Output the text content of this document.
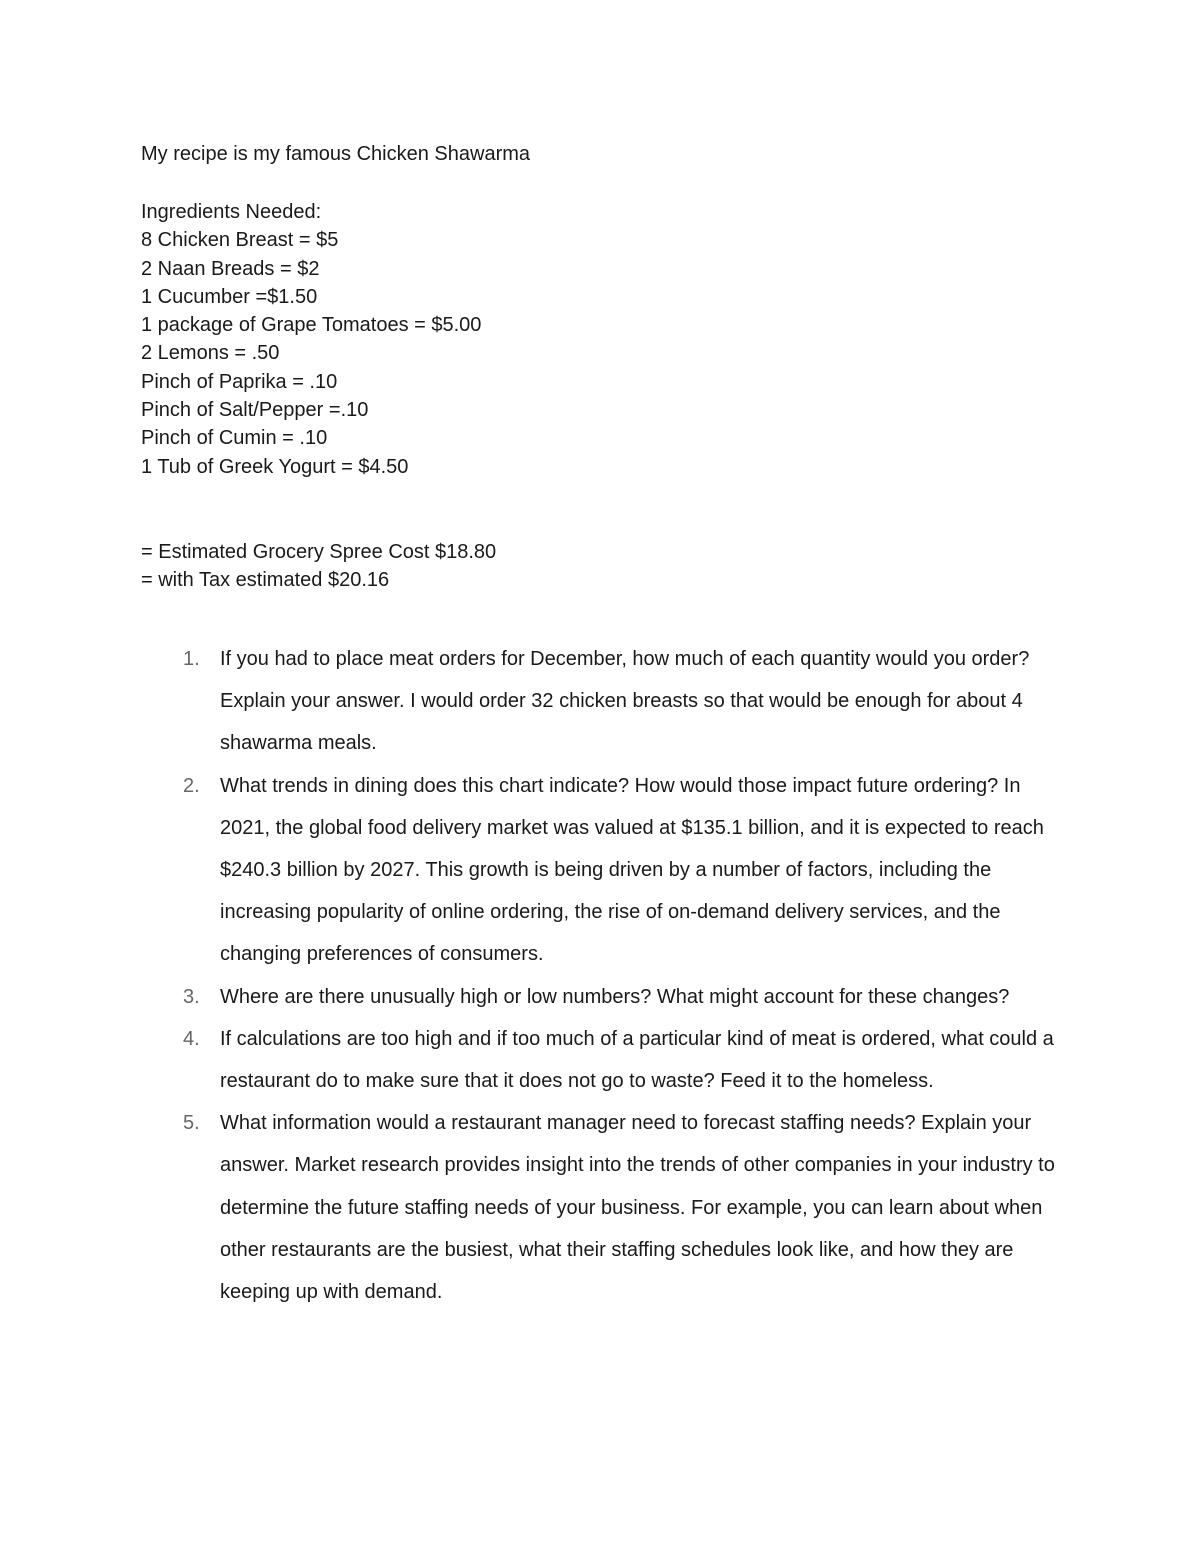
My recipe is my famous Chicken Shawarma
Ingredients Needed:
8 Chicken Breast = $5
2 Naan Breads = $2
1 Cucumber =$1.50
1 package of Grape Tomatoes = $5.00
2 Lemons = .50
Pinch of Paprika = .10
Pinch of Salt/Pepper =.10
Pinch of Cumin = .10
1 Tub of Greek Yogurt = $4.50
= Estimated Grocery Spree Cost $18.80
= with Tax estimated $20.16
1. If you had to place meat orders for December, how much of each quantity would you order? Explain your answer. I would order 32 chicken breasts so that would be enough for about 4 shawarma meals.
2. What trends in dining does this chart indicate? How would those impact future ordering? In 2021, the global food delivery market was valued at $135.1 billion, and it is expected to reach $240.3 billion by 2027. This growth is being driven by a number of factors, including the increasing popularity of online ordering, the rise of on-demand delivery services, and the changing preferences of consumers.
3. Where are there unusually high or low numbers? What might account for these changes?
4. If calculations are too high and if too much of a particular kind of meat is ordered, what could a restaurant do to make sure that it does not go to waste? Feed it to the homeless.
5. What information would a restaurant manager need to forecast staffing needs? Explain your answer. Market research provides insight into the trends of other companies in your industry to determine the future staffing needs of your business. For example, you can learn about when other restaurants are the busiest, what their staffing schedules look like, and how they are keeping up with demand.
